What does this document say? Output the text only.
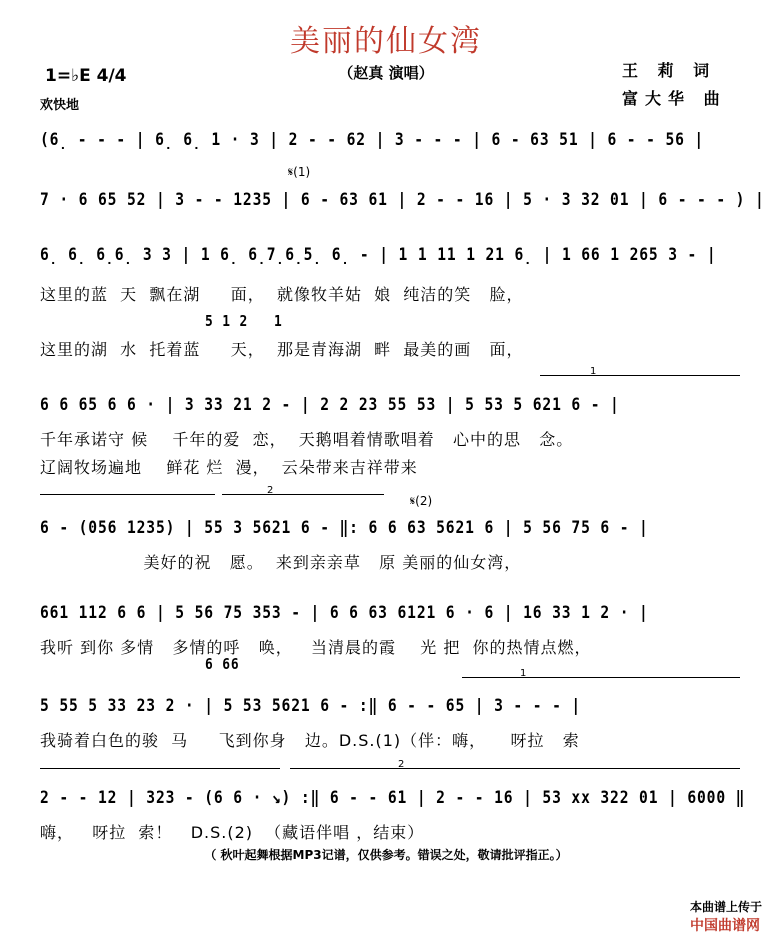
美丽的仙女湾
（赵真 演唱）	王 莉 词
富大华 曲
1=♭E 4/4
欢快地
(6̣ - - - | 6̣ 6̣ 1 · 3 | 2 - - 62 | 3 - - - | 6 - 63 51 | 6 - - 56 |
𝄋(1)
7 · 6 65 52 | 3 - - 1235 | 6 - 63 61 | 2 - - 16 | 5 · 3 32 01 | 6 - - - ) |
6̣ 6̣ 6̣6̣ 3 3 | 1 6̣ 6̣7̣6̣5̣ 6̣ - | 1 1 11 1 21 6̣ | 1 66 1 265 3 - |
这里的蓝  天  飘在湖     面，  就像牧羊姑  娘  纯洁的笑   脸，
5 1 2   1
这里的湖  水  托着蓝     天，  那是青海湖  畔  最美的画   面，
1
6 6 65 6 6 · | 3 33 21 2 - | 2 2 23 55 53 | 5 53 5 621 6 - |
千年承诺守 候    千年的爱  恋，  天鹅唱着情歌唱着   心中的思   念。
辽阔牧场遍地    鲜花 烂  漫，  云朵带来吉祥带来
2
𝄋(2)
6 - (056 1235) | 55 3 5621 6 - ‖: 6 6 63 5621 6 | 5 56 75 6 - |
美好的祝   愿。  来到亲亲草   原 美丽的仙女湾，
661 112 6 6 | 5 56 75 353 - | 6 6 63 6121 6 · 6 | 16 33 1 2 · |
我听 到你 多情   多情的呼   唤，   当清晨的霞    光 把  你的热情点燃，
6 66
1
5 55 5 33 23 2 · | 5 53 5621 6 - :‖ 6 - - 65 | 3 - - - |
我骑着白色的骏  马     飞到你身   边。D.S.(1)（伴：嗨，    呀拉   索
2
2 - - 12 | 323 - (6 6 · ↘) :‖ 6 - - 61 | 2 - - 16 | 53 xx 322 01 | 6000 ‖
嗨，   呀拉  索！   D.S.(2)  （藏语伴唱 ，结束）
（ 秋叶起舞根据MP3记谱，仅供参考。错误之处，敬请批评指正。）

本曲谱上传于
中国曲谱网
